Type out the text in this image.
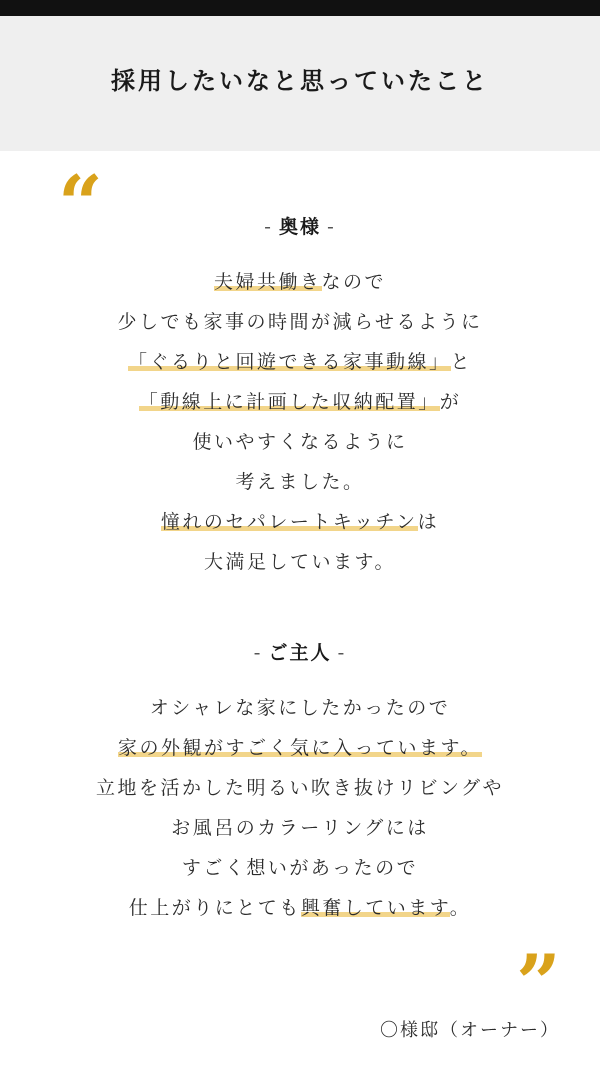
採用したいなと思っていたこと
“	- 奥様 -
夫婦共働きなので
少しでも家事の時間が減らせるように
「ぐるりと回遊できる家事動線」と
「動線上に計画した収納配置」が
使いやすくなるように
考えました。
憧れのセパレートキッチンは
大満足しています。
- ご主人 -
オシャレな家にしたかったので
家の外観がすごく気に入っています。
立地を活かした明るい吹き抜けリビングや
お風呂のカラーリングには
すごく想いがあったので
仕上がりにとても興奮しています。
”
〇様邸（オーナー）
